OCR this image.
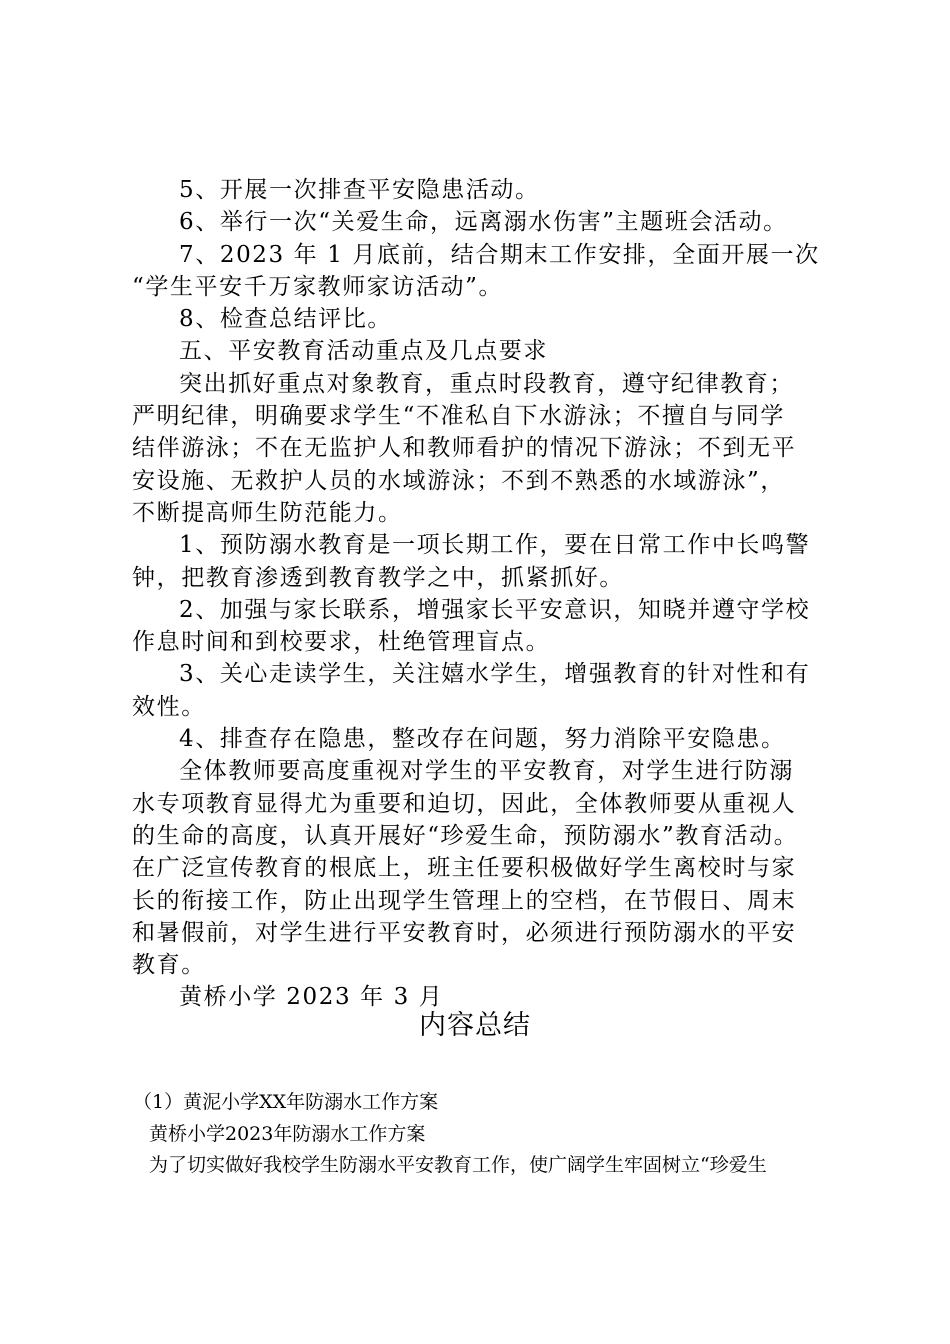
5、开展一次排查平安隐患活动。
6、举行一次“关爱生命，远离溺水伤害”主题班会活动。
7、2023 年 1 月底前，结合期末工作安排，全面开展一次
“学生平安千万家教师家访活动”。
8、检查总结评比。
五、平安教育活动重点及几点要求
突出抓好重点对象教育，重点时段教育，遵守纪律教育；
严明纪律，明确要求学生“不准私自下水游泳；不擅自与同学
结伴游泳；不在无监护人和教师看护的情况下游泳；不到无平
安设施、无救护人员的水域游泳；不到不熟悉的水域游泳”，
不断提高师生防范能力。
1、预防溺水教育是一项长期工作，要在日常工作中长鸣警
钟，把教育渗透到教育教学之中，抓紧抓好。
2、加强与家长联系，增强家长平安意识，知晓并遵守学校
作息时间和到校要求，杜绝管理盲点。
3、关心走读学生，关注嬉水学生，增强教育的针对性和有
效性。
4、排查存在隐患，整改存在问题，努力消除平安隐患。
全体教师要高度重视对学生的平安教育，对学生进行防溺
水专项教育显得尤为重要和迫切，因此，全体教师要从重视人
的生命的高度，认真开展好“珍爱生命，预防溺水”教育活动。
在广泛宣传教育的根底上，班主任要积极做好学生离校时与家
长的衔接工作，防止出现学生管理上的空档，在节假日、周末
和暑假前，对学生进行平安教育时，必须进行预防溺水的平安
教育。
黄桥小学 2023 年 3 月
内容总结
（1）黄泥小学XX年防溺水工作方案
黄桥小学2023年防溺水工作方案
为了切实做好我校学生防溺水平安教育工作，使广阔学生牢固树立“珍爱生
